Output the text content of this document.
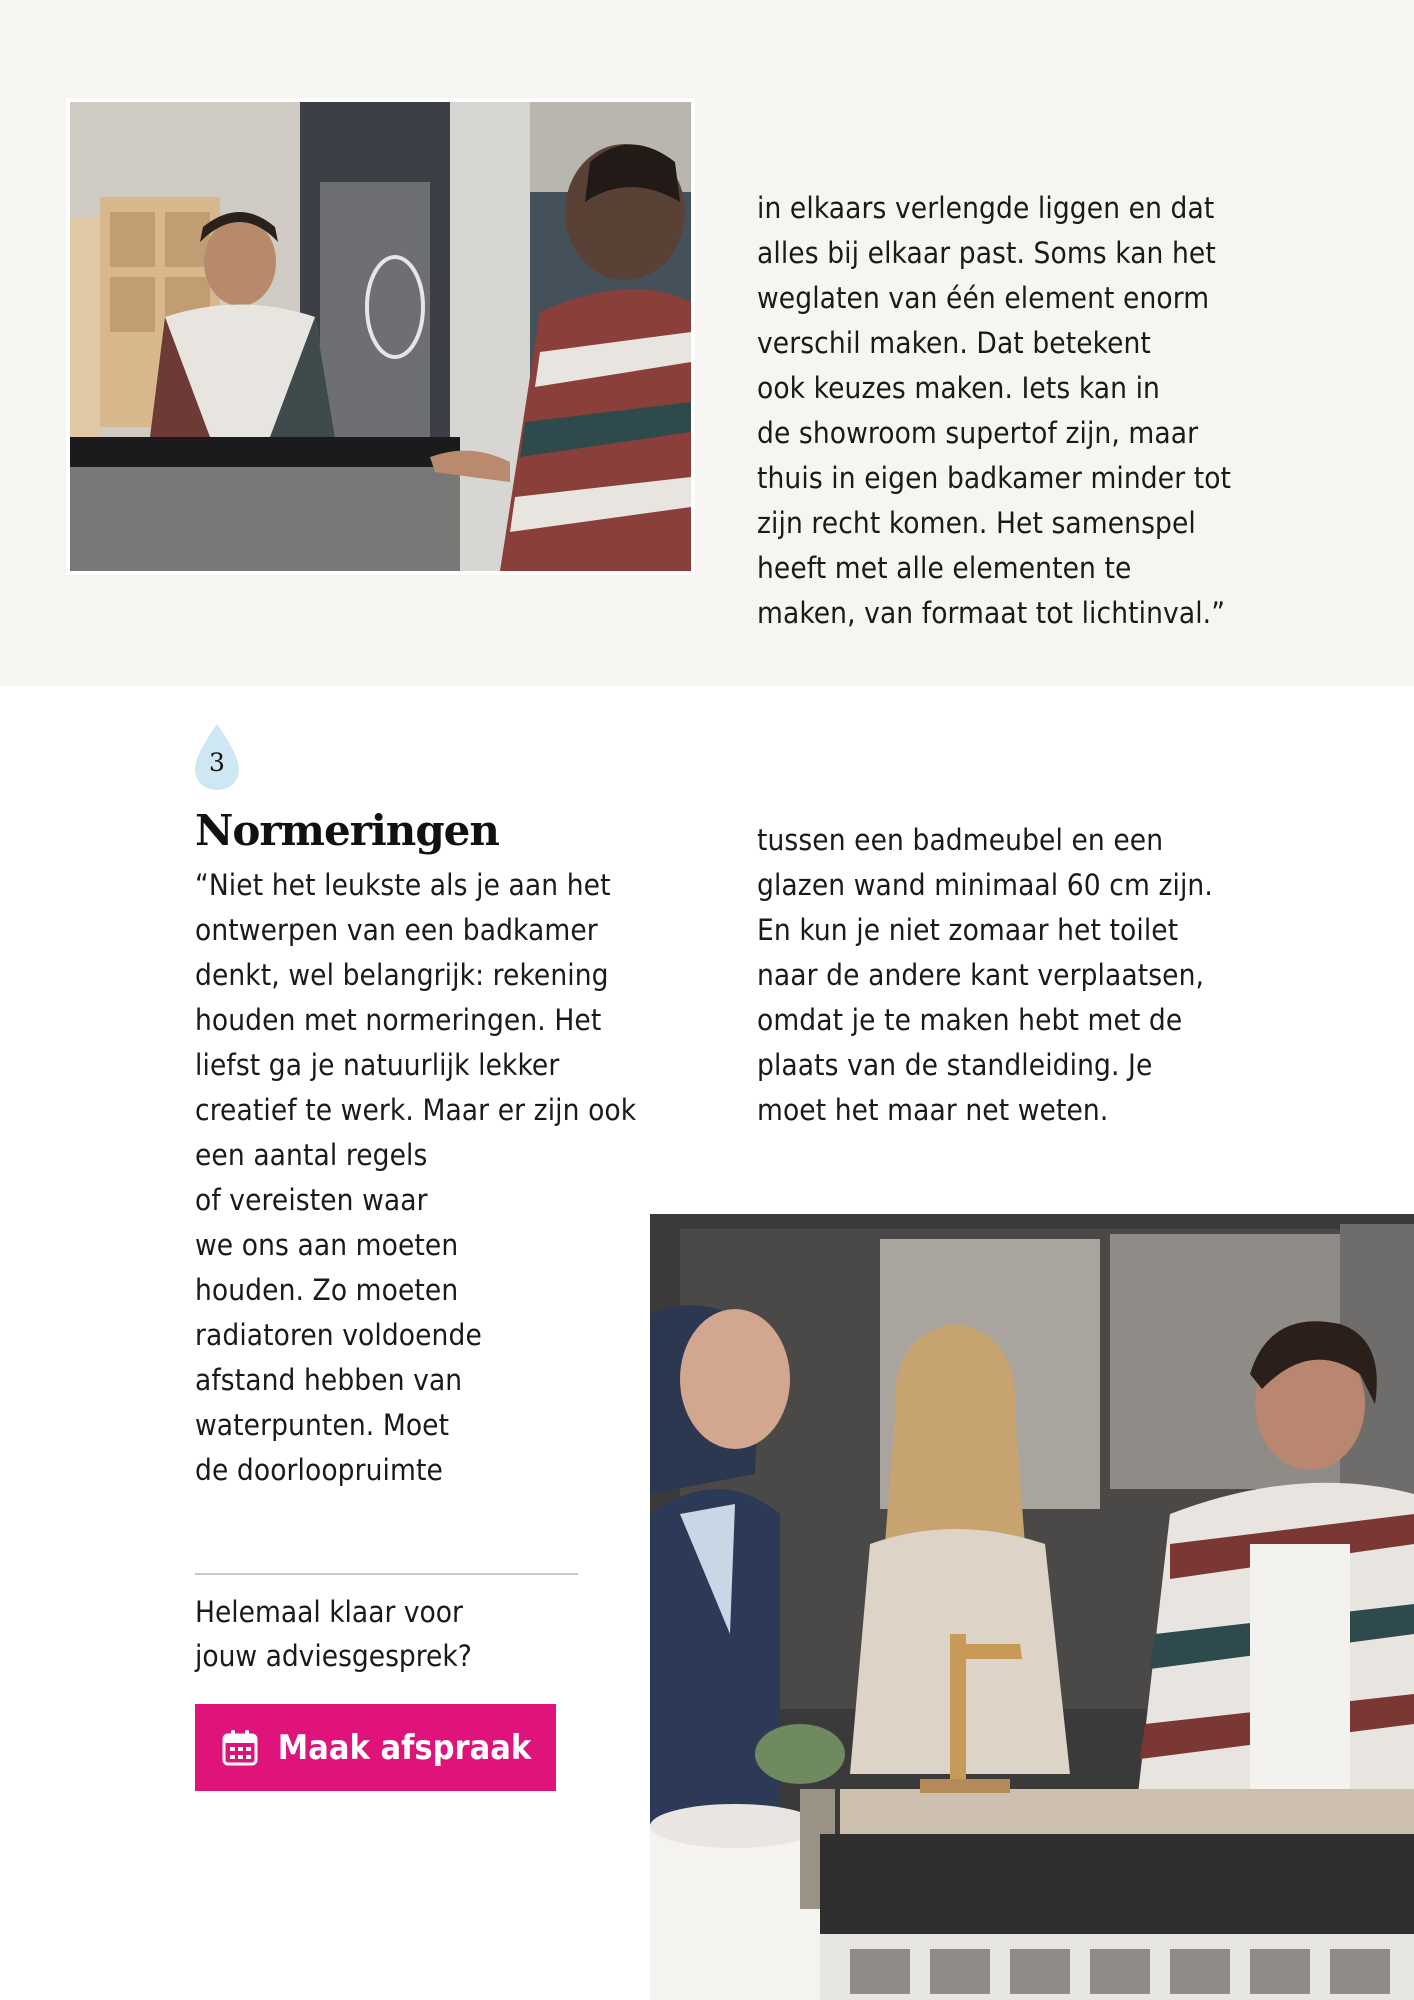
in elkaars verlengde liggen en dat
alles bij elkaar past. Soms kan het
weglaten van één element enorm
verschil maken. Dat betekent
ook keuzes maken. Iets kan in
de showroom supertof zijn, maar
thuis in eigen badkamer minder tot
zijn recht komen. Het samenspel
heeft met alle elementen te
maken, van formaat tot lichtinval.”

3
Normeringen

“Niet het leukste als je aan het
ontwerpen van een badkamer
denkt, wel belangrijk: rekening
houden met normeringen. Het
liefst ga je natuurlijk lekker
creatief te werk. Maar er zijn ook
een aantal regels
of vereisten waar
we ons aan moeten
houden. Zo moeten
radiatoren voldoende
afstand hebben van
waterpunten. Moet
de doorloopruimte

tussen een badmeubel en een
glazen wand minimaal 60 cm zijn.
En kun je niet zomaar het toilet
naar de andere kant verplaatsen,
omdat je te maken hebt met de
plaats van de standleiding. Je
moet het maar net weten.

Helemaal klaar voor
jouw adviesgesprek?

Maak afspraak
